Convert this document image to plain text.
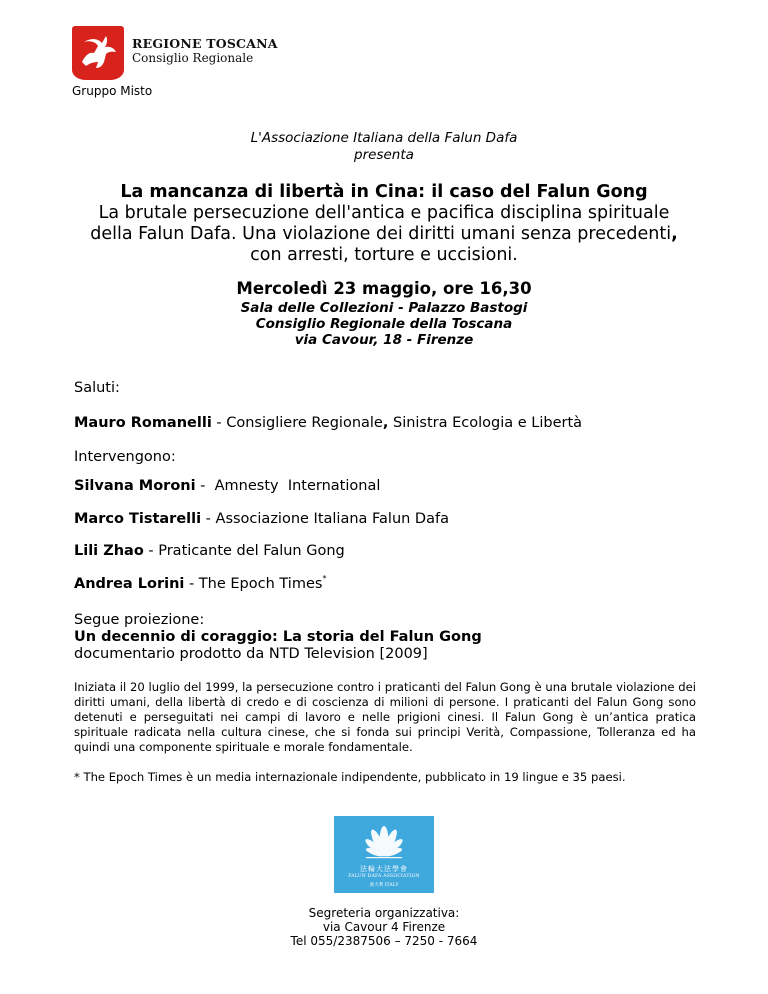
REGIONE TOSCANA
Consiglio Regionale
Gruppo Misto
L'Associazione Italiana della Falun Dafa
presenta
La mancanza di libertà in Cina: il caso del Falun Gong
La brutale persecuzione dell'antica e pacifica disciplina spirituale
della Falun Dafa. Una violazione dei diritti umani senza precedenti,
con arresti, torture e uccisioni.
Mercoledì 23 maggio, ore 16,30
Sala delle Collezioni - Palazzo Bastogi
Consiglio Regionale della Toscana
via Cavour, 18 - Firenze
Saluti:
Mauro Romanelli - Consigliere Regionale, Sinistra Ecologia e Libertà
Intervengono:
Silvana Moroni -  Amnesty  International
Marco Tistarelli - Associazione Italiana Falun Dafa
Lili Zhao - Praticante del Falun Gong
Andrea Lorini - The Epoch Times*
Segue proiezione:
Un decennio di coraggio: La storia del Falun Gong
documentario prodotto da NTD Television [2009]
Iniziata il 20 luglio del 1999, la persecuzione contro i praticanti del Falun Gong è una brutale violazione dei diritti umani, della libertà di credo e di coscienza di milioni di persone. I praticanti del Falun Gong sono detenuti e perseguitati nei campi di lavoro e nelle prigioni cinesi. Il Falun Gong è un’antica pratica spirituale radicata nella cultura cinese, che si fonda sui principi Verità, Compassione, Tolleranza ed ha quindi una componente spirituale e morale fondamentale.
* The Epoch Times è un media internazionale indipendente, pubblicato in 19 lingue e 35 paesi.
法輪大法學會
FALUN DAFA ASSOCIATION
義大利 ITALY
Segreteria organizzativa:
via Cavour 4 Firenze
Tel 055/2387506 – 7250 - 7664
